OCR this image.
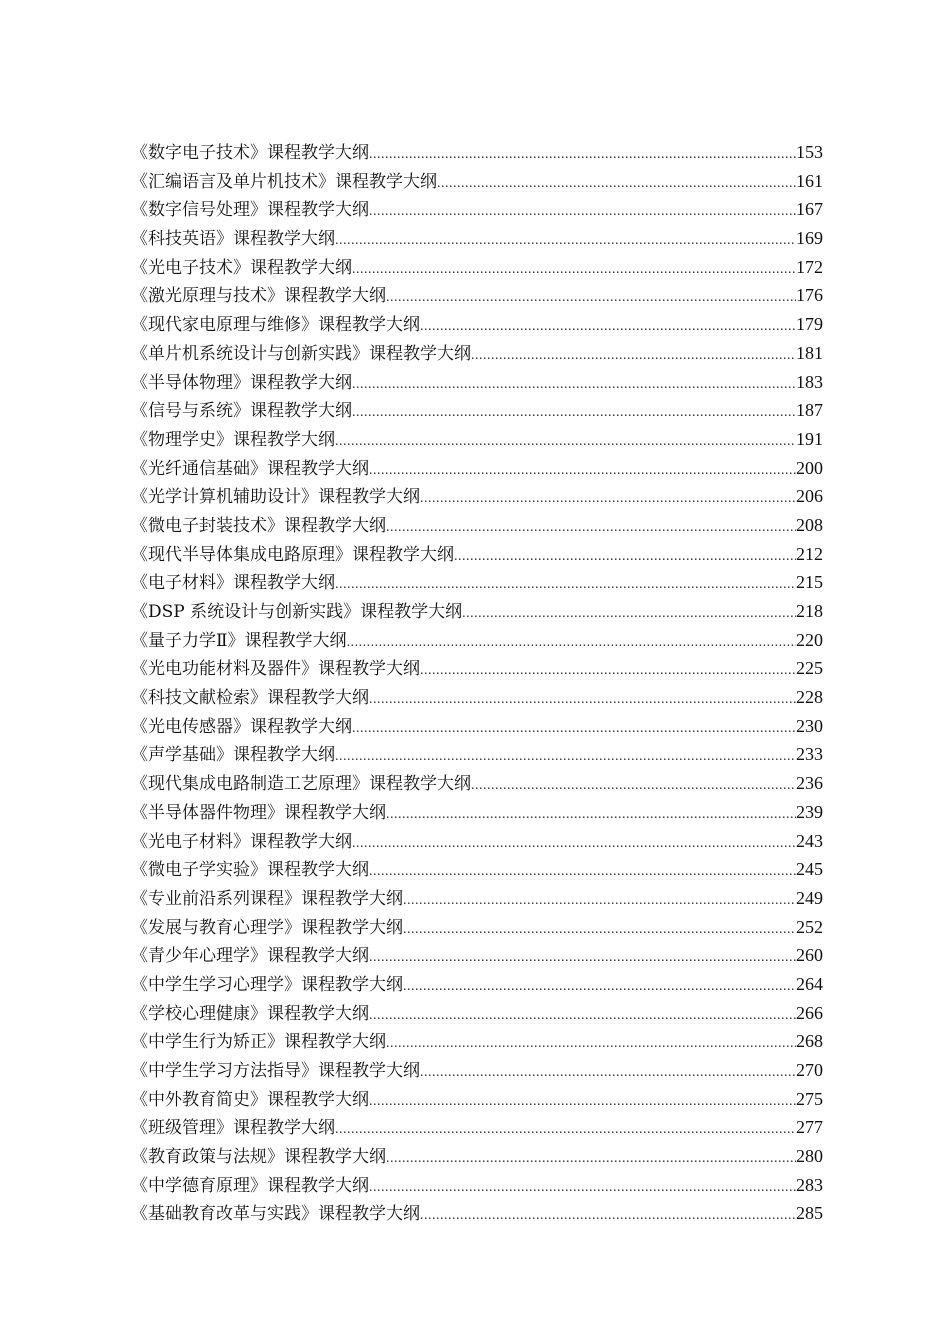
《数字电子技术》课程教学大纲 .....	153
《汇编语言及单片机技术》课程教学大纲 .....	161
《数字信号处理》课程教学大纲 .....	167
《科技英语》课程教学大纲 .....	169
《光电子技术》课程教学大纲 .....	172
《激光原理与技术》课程教学大纲 .....	176
《现代家电原理与维修》课程教学大纲 .....	179
《单片机系统设计与创新实践》课程教学大纲 .....	181
《半导体物理》课程教学大纲 .....	183
《信号与系统》课程教学大纲 .....	187
《物理学史》课程教学大纲 .....	191
《光纤通信基础》课程教学大纲 .....	200
《光学计算机辅助设计》课程教学大纲 .....	206
《微电子封装技术》课程教学大纲 .....	208
《现代半导体集成电路原理》课程教学大纲 .....	212
《电子材料》课程教学大纲 .....	215
《DSP 系统设计与创新实践》课程教学大纲 .....	218
《量子力学Ⅱ》课程教学大纲 .....	220
《光电功能材料及器件》课程教学大纲 .....	225
《科技文献检索》课程教学大纲 .....	228
《光电传感器》课程教学大纲 .....	230
《声学基础》课程教学大纲 .....	233
《现代集成电路制造工艺原理》课程教学大纲 .....	236
《半导体器件物理》课程教学大纲 .....	239
《光电子材料》课程教学大纲 .....	243
《微电子学实验》课程教学大纲 .....	245
《专业前沿系列课程》课程教学大纲 .....	249
《发展与教育心理学》课程教学大纲 .....	252
《青少年心理学》课程教学大纲 .....	260
《中学生学习心理学》课程教学大纲 .....	264
《学校心理健康》课程教学大纲 .....	266
《中学生行为矫正》课程教学大纲 .....	268
《中学生学习方法指导》课程教学大纲 .....	270
《中外教育简史》课程教学大纲 .....	275
《班级管理》课程教学大纲 .....	277
《教育政策与法规》课程教学大纲 .....	280
《中学德育原理》课程教学大纲 .....	283
《基础教育改革与实践》课程教学大纲 .....	285
